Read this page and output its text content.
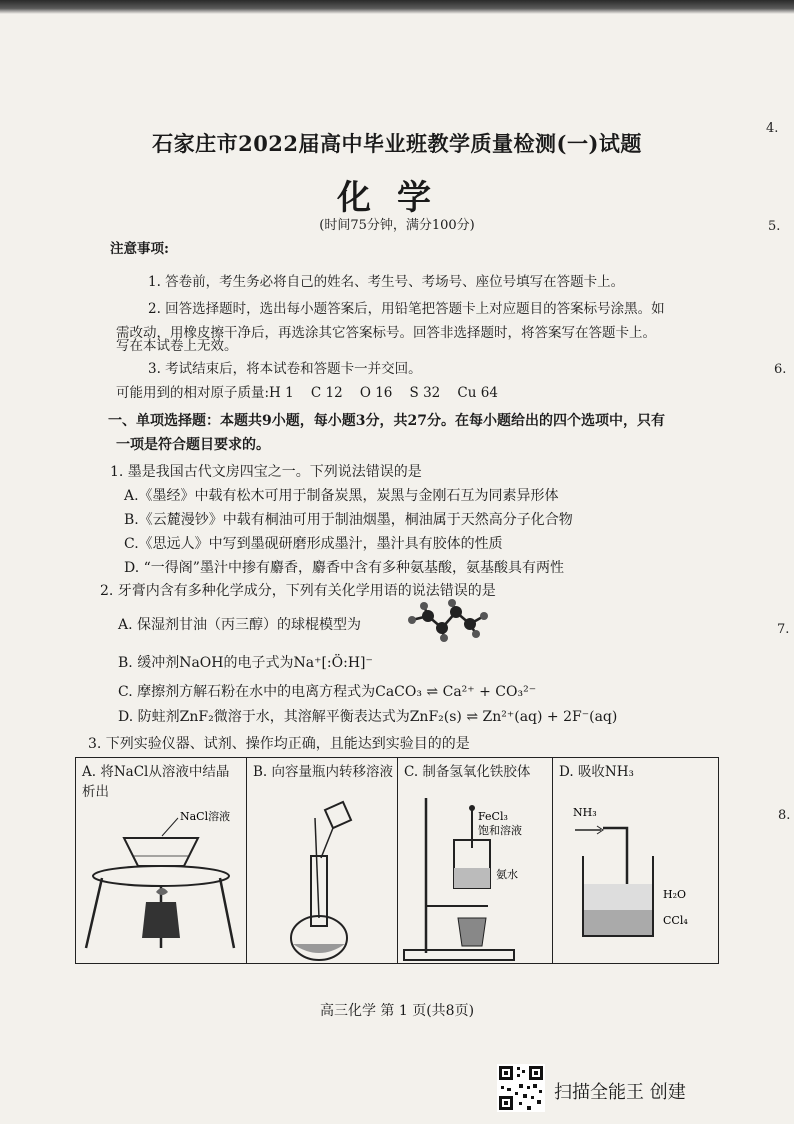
石家庄市2022届高中毕业班教学质量检测(一)试题
化学
(时间75分钟，满分100分)
注意事项:
1. 答卷前，考生务必将自己的姓名、考生号、考场号、座位号填写在答题卡上。
2. 回答选择题时，选出每小题答案后，用铅笔把答题卡上对应题目的答案标号涂黑。如
需改动，用橡皮擦干净后，再选涂其它答案标号。回答非选择题时，将答案写在答题卡上。
写在本试卷上无效。
3. 考试结束后，将本试卷和答题卡一并交回。
可能用到的相对原子质量:H 1    C 12    O 16    S 32    Cu 64
一、单项选择题：本题共9小题，每小题3分，共27分。在每小题给出的四个选项中，只有
一项是符合题目要求的。
1. 墨是我国古代文房四宝之一。下列说法错误的是
A.《墨经》中载有松木可用于制备炭黑，炭黑与金刚石互为同素异形体
B.《云麓漫钞》中载有桐油可用于制油烟墨，桐油属于天然高分子化合物
C.《思远人》中写到墨砚研磨形成墨汁，墨汁具有胶体的性质
D. “一得阁”墨汁中掺有麝香，麝香中含有多种氨基酸，氨基酸具有两性
2. 牙膏内含有多种化学成分，下列有关化学用语的说法错误的是
A. 保湿剂甘油（丙三醇）的球棍模型为
B. 缓冲剂NaOH的电子式为Na⁺[:Ö:H]⁻
C. 摩擦剂方解石粉在水中的电离方程式为CaCO₃ ⇌ Ca²⁺ + CO₃²⁻
D. 防蛀剂ZnF₂微溶于水，其溶解平衡表达式为ZnF₂(s) ⇌ Zn²⁺(aq) + 2F⁻(aq)
3. 下列实验仪器、试剂、操作均正确，且能达到实验目的的是
A. 将NaCl从溶液中结晶析出
NaCl溶液
B. 向容量瓶内转移溶液 C. 制备氢氧化铁胶体
FeCl₃
饱和溶液
氨水
D. 吸收NH₃
NH₃
H₂O
CCl₄
高三化学 第 1 页(共8页)
4.
5.
6.
7.
8.
扫描全能王 创建
